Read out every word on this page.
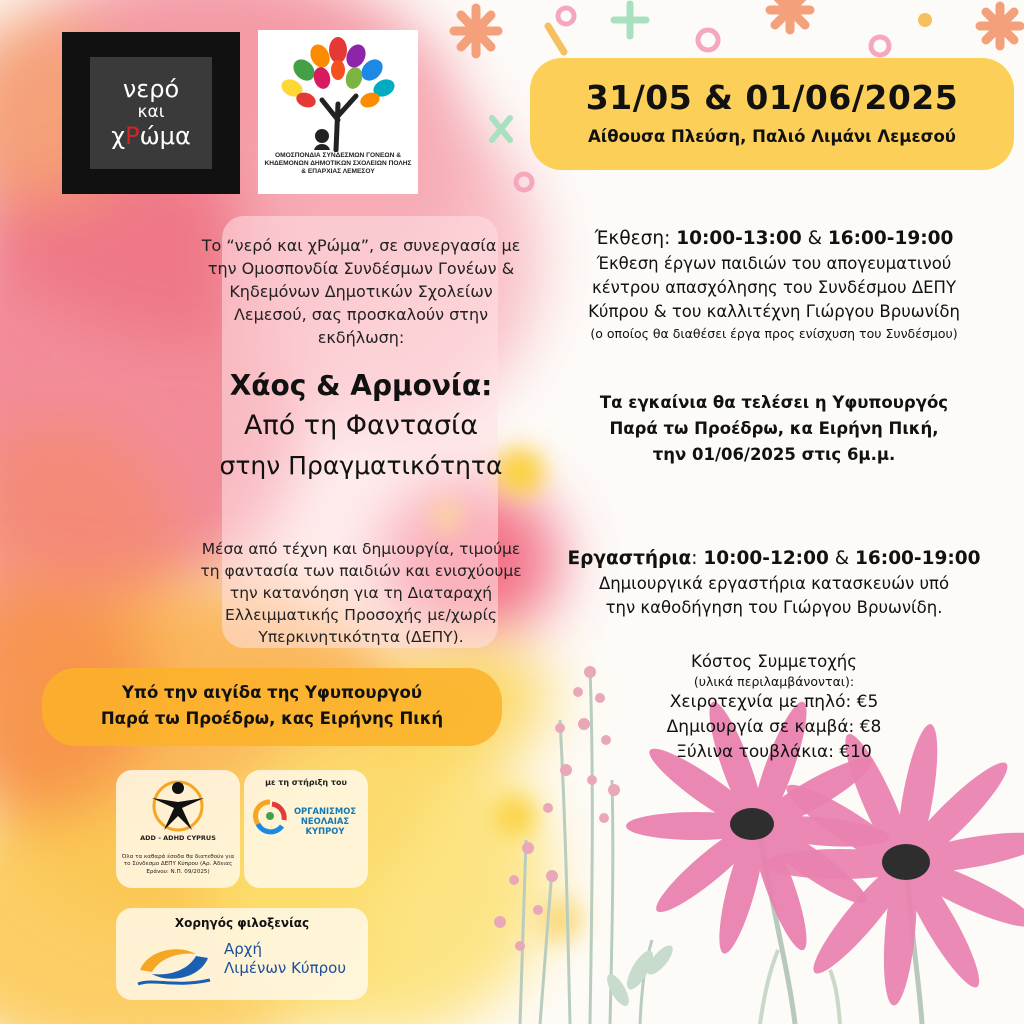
νερό
και
χΡώμα
ΟΜΟΣΠΟΝΔΙΑ ΣΥΝΔΕΣΜΩΝ ΓΟΝΕΩΝ & ΚΗΔΕΜΟΝΩΝ ΔΗΜΟΤΙΚΩΝ ΣΧΟΛΕΙΩΝ ΠΟΛΗΣ & ΕΠΑΡΧΙΑΣ ΛΕΜΕΣΟΥ
31/05 & 01/06/2025
Αίθουσα Πλεύση, Παλιό Λιμάνι Λεμεσού
Το “νερό και χΡώμα”, σε συνεργασία με την Ομοσπονδία Συνδέσμων Γονέων & Κηδεμόνων Δημοτικών Σχολείων Λεμεσού, σας προσκαλούν στην εκδήλωση:
Χάος & Αρμονία:
Από τη Φαντασία
στην Πραγματικότητα
Μέσα από τέχνη και δημιουργία, τιμούμε τη φαντασία των παιδιών και ενισχύουμε την κατανόηση για τη Διαταραχή Ελλειμματικής Προσοχής με/χωρίς Υπερκινητικότητα (ΔΕΠΥ).
Υπό την αιγίδα της Υφυπουργού
Παρά τω Προέδρω, κας Ειρήνης Πική
ADD - ADHD CYPRUS
Όλα τα καθαρά έσοδα θα διατεθούν για το Σύνδεσμο ΔΕΠΥ Κύπρου (Αρ. Άδειας Εράνου: Ν.Π. 09/2025)
με τη στήριξη του
ΟΡΓΑΝΙΣΜΟΣ
ΝΕΟΛΑΙΑΣ
ΚΥΠΡΟΥ
Χορηγός φιλοξενίας
Αρχή
Λιμένων Κύπρου
Έκθεση: 10:00-13:00 & 16:00-19:00
Έκθεση έργων παιδιών του απογευματινού
κέντρου απασχόλησης του Συνδέσμου ΔΕΠΥ
Κύπρου & του καλλιτέχνη Γιώργου Βρυωνίδη
(ο οποίος θα διαθέσει έργα προς ενίσχυση του Συνδέσμου)
Τα εγκαίνια θα τελέσει η Υφυπουργός
Παρά τω Προέδρω, κα Ειρήνη Πική,
την 01/06/2025 στις 6μ.μ.
Εργαστήρια: 10:00-12:00 & 16:00-19:00
Δημιουργικά εργαστήρια κατασκευών υπό
την καθοδήγηση του Γιώργου Βρυωνίδη.
Κόστος Συμμετοχής
(υλικά περιλαμβάνονται):
Χειροτεχνία με πηλό: €5
Δημιουργία σε καμβά: €8
Ξύλινα τουβλάκια: €10
